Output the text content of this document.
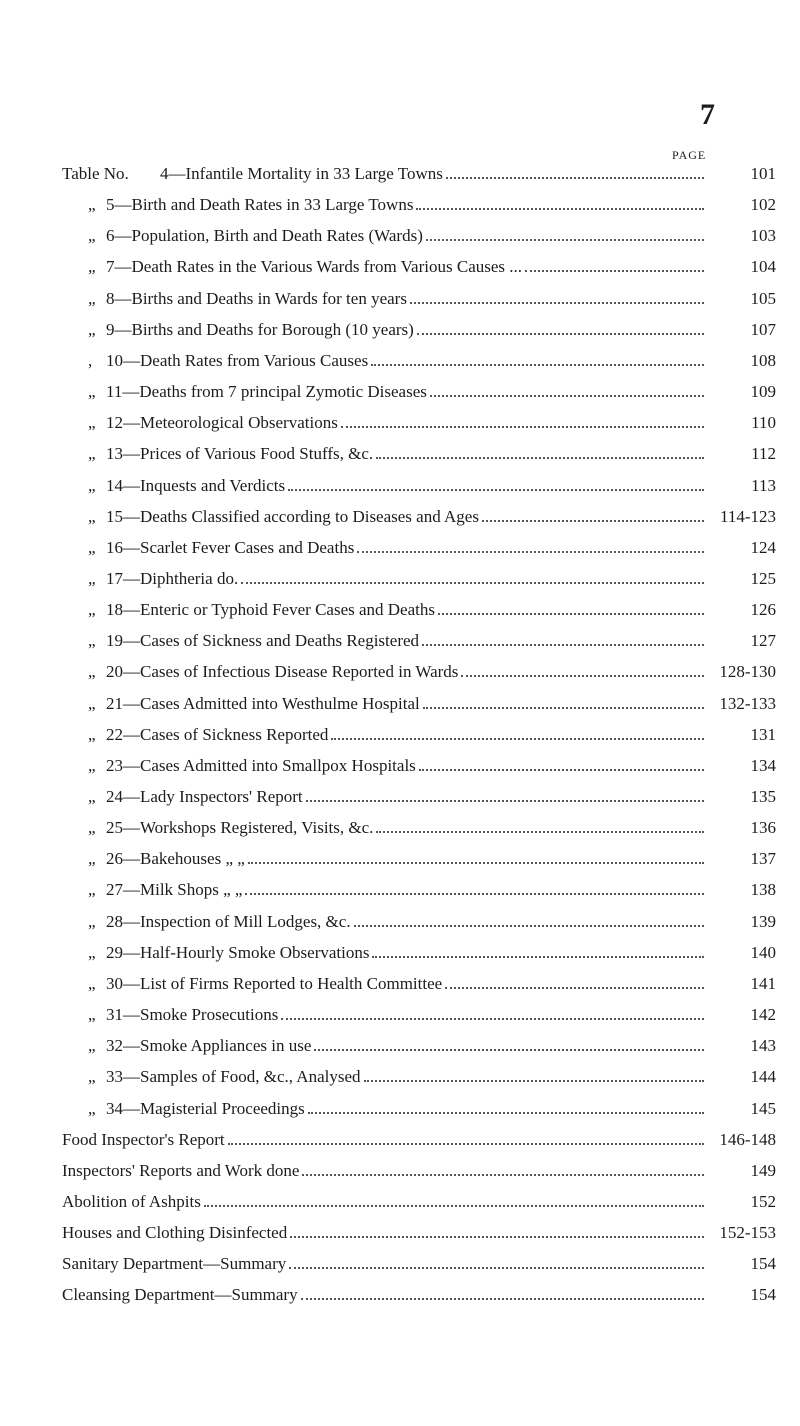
7
PAGE
Table No. 4—Infantile Mortality in 33 Large Towns	101
„ 5—Birth and Death Rates in 33 Large Towns	102
„ 6—Population, Birth and Death Rates (Wards)	103
„ 7—Death Rates in the Various Wards from Various Causes ...	104
„ 8—Births and Deaths in Wards for ten years	105
„ 9—Births and Deaths for Borough (10 years)	107
, 10—Death Rates from Various Causes	108
„ 11—Deaths from 7 principal Zymotic Diseases	109
„ 12—Meteorological Observations	110
„ 13—Prices of Various Food Stuffs, &c.	112
„ 14—Inquests and Verdicts	113
„ 15—Deaths Classified according to Diseases and Ages	114-123
„ 16—Scarlet Fever Cases and Deaths	124
„ 17—Diphtheria do.	125
„ 18—Enteric or Typhoid Fever Cases and Deaths	126
„ 19—Cases of Sickness and Deaths Registered	127
„ 20—Cases of Infectious Disease Reported in Wards	128-130
„ 21—Cases Admitted into Westhulme Hospital	132-133
„ 22—Cases of Sickness Reported	131
„ 23—Cases Admitted into Smallpox Hospitals	134
„ 24—Lady Inspectors' Report	135
„ 25—Workshops Registered, Visits, &c.	136
„ 26—Bakehouses „ „	137
„ 27—Milk Shops „ „	138
„ 28—Inspection of Mill Lodges, &c.	139
„ 29—Half-Hourly Smoke Observations	140
„ 30—List of Firms Reported to Health Committee	141
„ 31—Smoke Prosecutions	142
„ 32—Smoke Appliances in use	143
„ 33—Samples of Food, &c., Analysed	144
„ 34—Magisterial Proceedings	145
Food Inspector's Report	146-148
Inspectors' Reports and Work done	149
Abolition of Ashpits	152
Houses and Clothing Disinfected	152-153
Sanitary Department—Summary	154
Cleansing Department—Summary	154
